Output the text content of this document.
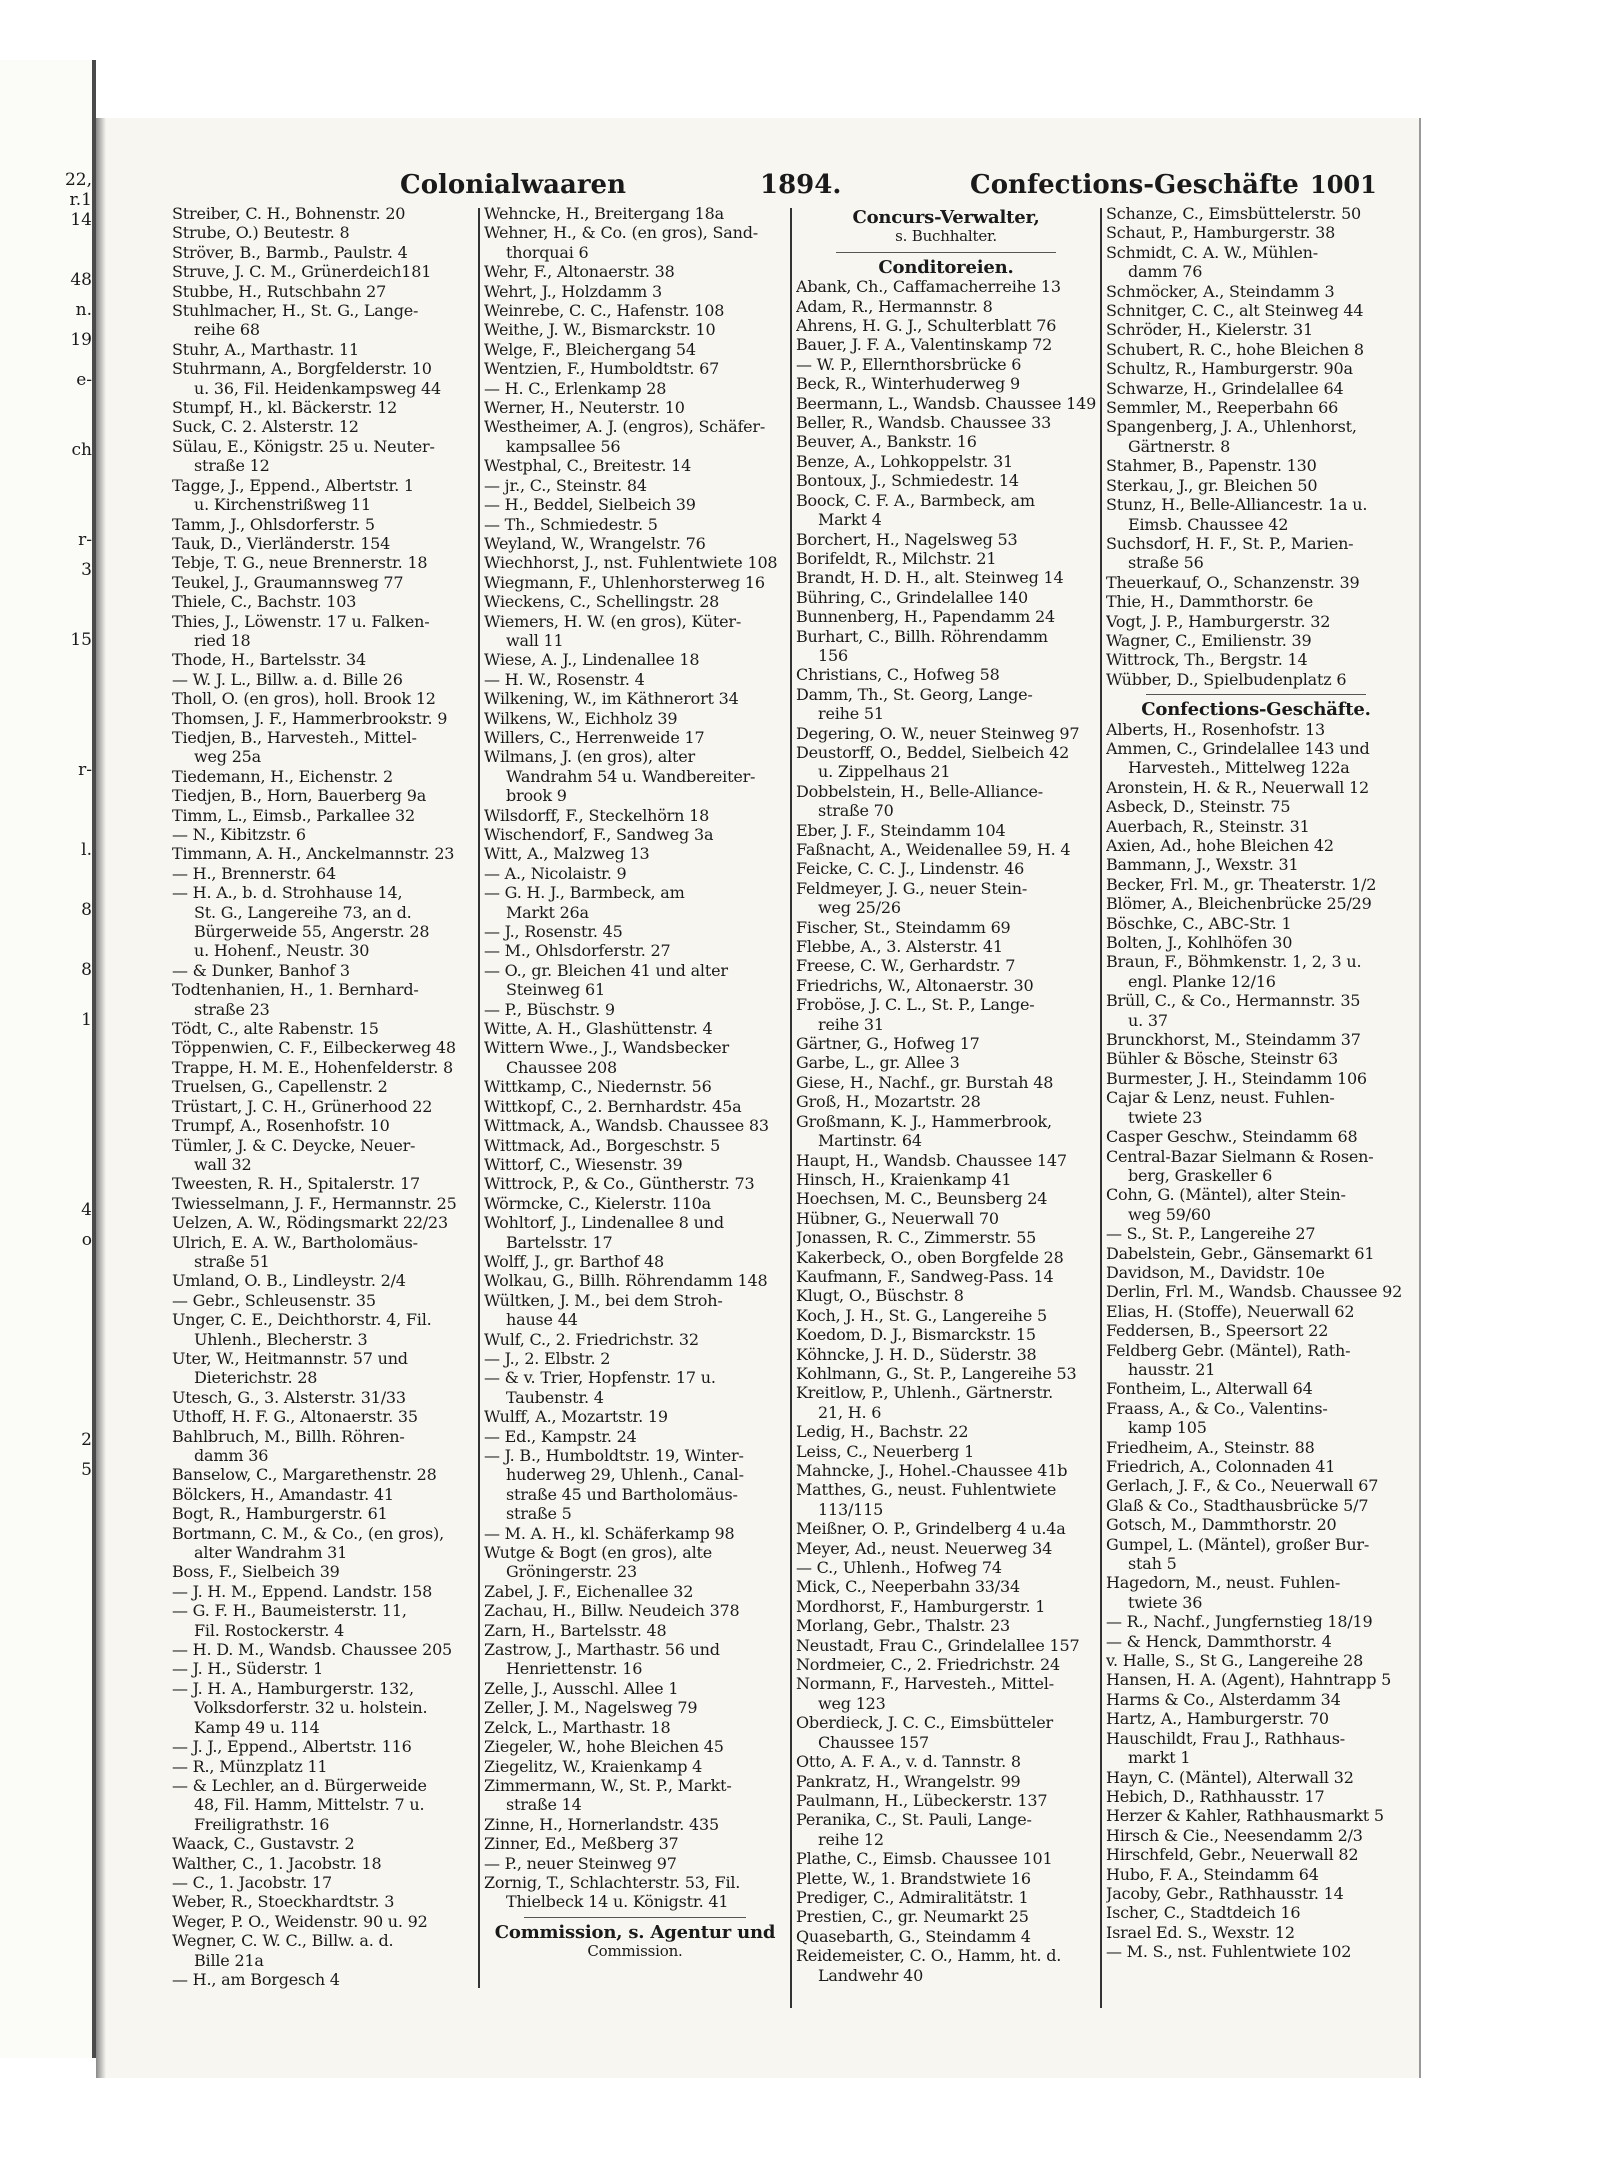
22,
r.1
14
48
n.
19
e-
ch
r-
3
15
r-
l.
8
8
1
4
o
2
5
Colonialwaaren	1894.	Confections-Geschäfte 1001
Streiber, C. H., Bohnenstr. 20
Strube, O.) Beutestr. 8
Ströver, B., Barmb., Paulstr. 4
Struve, J. C. M., Grünerdeich181
Stubbe, H., Rutschbahn 27
Stuhlmacher, H., St. G., Lange-
reihe 68
Stuhr, A., Marthastr. 11
Stuhrmann, A., Borgfelderstr. 10
u. 36, Fil. Heidenkampsweg 44
Stumpf, H., kl. Bäckerstr. 12
Suck, C. 2. Alsterstr. 12
Sülau, E., Königstr. 25 u. Neuter-
straße 12
Tagge, J., Eppend., Albertstr. 1
u. Kirchenstrißweg 11
Tamm, J., Ohlsdorferstr. 5
Tauk, D., Vierländerstr. 154
Tebje, T. G., neue Brennerstr. 18
Teukel, J., Graumannsweg 77
Thiele, C., Bachstr. 103
Thies, J., Löwenstr. 17 u. Falken-
ried 18
Thode, H., Bartelsstr. 34
— W. J. L., Billw. a. d. Bille 26
Tholl, O. (en gros), holl. Brook 12
Thomsen, J. F., Hammerbrookstr. 9
Tiedjen, B., Harvesteh., Mittel-
weg 25a
Tiedemann, H., Eichenstr. 2
Tiedjen, B., Horn, Bauerberg 9a
Timm, L., Eimsb., Parkallee 32
— N., Kibitzstr. 6
Timmann, A. H., Anckelmannstr. 23
— H., Brennerstr. 64
— H. A., b. d. Strohhause 14,
St. G., Langereihe 73, an d.
Bürgerweide 55, Angerstr. 28
u. Hohenf., Neustr. 30
— & Dunker, Banhof 3
Todtenhanien, H., 1. Bernhard-
straße 23
Tödt, C., alte Rabenstr. 15
Töppenwien, C. F., Eilbeckerweg 48
Trappe, H. M. E., Hohenfelderstr. 8
Truelsen, G., Capellenstr. 2
Trüstart, J. C. H., Grünerhood 22
Trumpf, A., Rosenhofstr. 10
Tümler, J. & C. Deycke, Neuer-
wall 32
Tweesten, R. H., Spitalerstr. 17
Twiesselmann, J. F., Hermannstr. 25
Uelzen, A. W., Rödingsmarkt 22/23
Ulrich, E. A. W., Bartholomäus-
straße 51
Umland, O. B., Lindleystr. 2/4
— Gebr., Schleusenstr. 35
Unger, C. E., Deichthorstr. 4, Fil.
Uhlenh., Blecherstr. 3
Uter, W., Heitmannstr. 57 und
Dieterichstr. 28
Utesch, G., 3. Alsterstr. 31/33
Uthoff, H. F. G., Altonaerstr. 35
Bahlbruch, M., Billh. Röhren-
damm 36
Banselow, C., Margarethenstr. 28
Bölckers, H., Amandastr. 41
Bogt, R., Hamburgerstr. 61
Bortmann, C. M., & Co., (en gros),
alter Wandrahm 31
Boss, F., Sielbeich 39
— J. H. M., Eppend. Landstr. 158
— G. F. H., Baumeisterstr. 11,
Fil. Rostockerstr. 4
— H. D. M., Wandsb. Chaussee 205
— J. H., Süderstr. 1
— J. H. A., Hamburgerstr. 132,
Volksdorferstr. 32 u. holstein.
Kamp 49 u. 114
— J. J., Eppend., Albertstr. 116
— R., Münzplatz 11
— & Lechler, an d. Bürgerweide
48, Fil. Hamm, Mittelstr. 7 u.
Freiligrathstr. 16
Waack, C., Gustavstr. 2
Walther, C., 1. Jacobstr. 18
— C., 1. Jacobstr. 17
Weber, R., Stoeckhardtstr. 3
Weger, P. O., Weidenstr. 90 u. 92
Wegner, C. W. C., Billw. a. d.
Bille 21a
— H., am Borgesch 4
Wehncke, H., Breitergang 18a
Wehner, H., & Co. (en gros), Sand-
thorquai 6
Wehr, F., Altonaerstr. 38
Wehrt, J., Holzdamm 3
Weinrebe, C. C., Hafenstr. 108
Weithe, J. W., Bismarckstr. 10
Welge, F., Bleichergang 54
Wentzien, F., Humboldtstr. 67
— H. C., Erlenkamp 28
Werner, H., Neuterstr. 10
Westheimer, A. J. (engros), Schäfer-
kampsallee 56
Westphal, C., Breitestr. 14
— jr., C., Steinstr. 84
— H., Beddel, Sielbeich 39
— Th., Schmiedestr. 5
Weyland, W., Wrangelstr. 76
Wiechhorst, J., nst. Fuhlentwiete 108
Wiegmann, F., Uhlenhorsterweg 16
Wieckens, C., Schellingstr. 28
Wiemers, H. W. (en gros), Küter-
wall 11
Wiese, A. J., Lindenallee 18
— H. W., Rosenstr. 4
Wilkening, W., im Käthnerort 34
Wilkens, W., Eichholz 39
Willers, C., Herrenweide 17
Wilmans, J. (en gros), alter
Wandrahm 54 u. Wandbereiter-
brook 9
Wilsdorff, F., Steckelhörn 18
Wischendorf, F., Sandweg 3a
Witt, A., Malzweg 13
— A., Nicolaistr. 9
— G. H. J., Barmbeck, am
Markt 26a
— J., Rosenstr. 45
— M., Ohlsdorferstr. 27
— O., gr. Bleichen 41 und alter
Steinweg 61
— P., Büschstr. 9
Witte, A. H., Glashüttenstr. 4
Wittern Wwe., J., Wandsbecker
Chaussee 208
Wittkamp, C., Niedernstr. 56
Wittkopf, C., 2. Bernhardstr. 45a
Wittmack, A., Wandsb. Chaussee 83
Wittmack, Ad., Borgeschstr. 5
Wittorf, C., Wiesenstr. 39
Wittrock, P., & Co., Güntherstr. 73
Wörmcke, C., Kielerstr. 110a
Wohltorf, J., Lindenallee 8 und
Bartelsstr. 17
Wolff, J., gr. Barthof 48
Wolkau, G., Billh. Röhrendamm 148
Wültken, J. M., bei dem Stroh-
hause 44
Wulf, C., 2. Friedrichstr. 32
— J., 2. Elbstr. 2
— & v. Trier, Hopfenstr. 17 u.
Taubenstr. 4
Wulff, A., Mozartstr. 19
— Ed., Kampstr. 24
— J. B., Humboldtstr. 19, Winter-
huderweg 29, Uhlenh., Canal-
straße 45 und Bartholomäus-
straße 5
— M. A. H., kl. Schäferkamp 98
Wutge & Bogt (en gros), alte
Gröningerstr. 23
Zabel, J. F., Eichenallee 32
Zachau, H., Billw. Neudeich 378
Zarn, H., Bartelsstr. 48
Zastrow, J., Marthastr. 56 und
Henriettenstr. 16
Zelle, J., Ausschl. Allee 1
Zeller, J. M., Nagelsweg 79
Zelck, L., Marthastr. 18
Ziegeler, W., hohe Bleichen 45
Ziegelitz, W., Kraienkamp 4
Zimmermann, W., St. P., Markt-
straße 14
Zinne, H., Hornerlandstr. 435
Zinner, Ed., Meßberg 37
— P., neuer Steinweg 97
Zornig, T., Schlachterstr. 53, Fil.
Thielbeck 14 u. Königstr. 41
Commission, s. Agentur und
Commission.
Concurs-Verwalter,
s. Buchhalter.
Conditoreien.
Abank, Ch., Caffamacherreihe 13
Adam, R., Hermannstr. 8
Ahrens, H. G. J., Schulterblatt 76
Bauer, J. F. A., Valentinskamp 72
— W. P., Ellernthorsbrücke 6
Beck, R., Winterhuderweg 9
Beermann, L., Wandsb. Chaussee 149
Beller, R., Wandsb. Chaussee 33
Beuver, A., Bankstr. 16
Benze, A., Lohkoppelstr. 31
Bontoux, J., Schmiedestr. 14
Boock, C. F. A., Barmbeck, am
Markt 4
Borchert, H., Nagelsweg 53
Borifeldt, R., Milchstr. 21
Brandt, H. D. H., alt. Steinweg 14
Bühring, C., Grindelallee 140
Bunnenberg, H., Papendamm 24
Burhart, C., Billh. Röhrendamm
156
Christians, C., Hofweg 58
Damm, Th., St. Georg, Lange-
reihe 51
Degering, O. W., neuer Steinweg 97
Deustorff, O., Beddel, Sielbeich 42
u. Zippelhaus 21
Dobbelstein, H., Belle-Alliance-
straße 70
Eber, J. F., Steindamm 104
Faßnacht, A., Weidenallee 59, H. 4
Feicke, C. C. J., Lindenstr. 46
Feldmeyer, J. G., neuer Stein-
weg 25/26
Fischer, St., Steindamm 69
Flebbe, A., 3. Alsterstr. 41
Freese, C. W., Gerhardstr. 7
Friedrichs, W., Altonaerstr. 30
Froböse, J. C. L., St. P., Lange-
reihe 31
Gärtner, G., Hofweg 17
Garbe, L., gr. Allee 3
Giese, H., Nachf., gr. Burstah 48
Groß, H., Mozartstr. 28
Großmann, K. J., Hammerbrook,
Martinstr. 64
Haupt, H., Wandsb. Chaussee 147
Hinsch, H., Kraienkamp 41
Hoechsen, M. C., Beunsberg 24
Hübner, G., Neuerwall 70
Jonassen, R. C., Zimmerstr. 55
Kakerbeck, O., oben Borgfelde 28
Kaufmann, F., Sandweg-Pass. 14
Klugt, O., Büschstr. 8
Koch, J. H., St. G., Langereihe 5
Koedom, D. J., Bismarckstr. 15
Köhncke, J. H. D., Süderstr. 38
Kohlmann, G., St. P., Langereihe 53
Kreitlow, P., Uhlenh., Gärtnerstr.
21, H. 6
Ledig, H., Bachstr. 22
Leiss, C., Neuerberg 1
Mahncke, J., Hohel.-Chaussee 41b
Matthes, G., neust. Fuhlentwiete
113/115
Meißner, O. P., Grindelberg 4 u.4a
Meyer, Ad., neust. Neuerweg 34
— C., Uhlenh., Hofweg 74
Mick, C., Neeperbahn 33/34
Mordhorst, F., Hamburgerstr. 1
Morlang, Gebr., Thalstr. 23
Neustadt, Frau C., Grindelallee 157
Nordmeier, C., 2. Friedrichstr. 24
Normann, F., Harvesteh., Mittel-
weg 123
Oberdieck, J. C. C., Eimsbütteler
Chaussee 157
Otto, A. F. A., v. d. Tannstr. 8
Pankratz, H., Wrangelstr. 99
Paulmann, H., Lübeckerstr. 137
Peranika, C., St. Pauli, Lange-
reihe 12
Plathe, C., Eimsb. Chaussee 101
Plette, W., 1. Brandstwiete 16
Prediger, C., Admiralitätstr. 1
Prestien, C., gr. Neumarkt 25
Quasebarth, G., Steindamm 4
Reidemeister, C. O., Hamm, ht. d.
Landwehr 40
Schanze, C., Eimsbüttelerstr. 50
Schaut, P., Hamburgerstr. 38
Schmidt, C. A. W., Mühlen-
damm 76
Schmöcker, A., Steindamm 3
Schnitger, C. C., alt Steinweg 44
Schröder, H., Kielerstr. 31
Schubert, R. C., hohe Bleichen 8
Schultz, R., Hamburgerstr. 90a
Schwarze, H., Grindelallee 64
Semmler, M., Reeperbahn 66
Spangenberg, J. A., Uhlenhorst,
Gärtnerstr. 8
Stahmer, B., Papenstr. 130
Sterkau, J., gr. Bleichen 50
Stunz, H., Belle-Alliancestr. 1a u.
Eimsb. Chaussee 42
Suchsdorf, H. F., St. P., Marien-
straße 56
Theuerkauf, O., Schanzenstr. 39
Thie, H., Dammthorstr. 6e
Vogt, J. P., Hamburgerstr. 32
Wagner, C., Emilienstr. 39
Wittrock, Th., Bergstr. 14
Wübber, D., Spielbudenplatz 6
Confections-Geschäfte.
Alberts, H., Rosenhofstr. 13
Ammen, C., Grindelallee 143 und
Harvesteh., Mittelweg 122a
Aronstein, H. & R., Neuerwall 12
Asbeck, D., Steinstr. 75
Auerbach, R., Steinstr. 31
Axien, Ad., hohe Bleichen 42
Bammann, J., Wexstr. 31
Becker, Frl. M., gr. Theaterstr. 1/2
Blömer, A., Bleichenbrücke 25/29
Böschke, C., ABC-Str. 1
Bolten, J., Kohlhöfen 30
Braun, F., Böhmkenstr. 1, 2, 3 u.
engl. Planke 12/16
Brüll, C., & Co., Hermannstr. 35
u. 37
Brunckhorst, M., Steindamm 37
Bühler & Bösche, Steinstr 63
Burmester, J. H., Steindamm 106
Cajar & Lenz, neust. Fuhlen-
twiete 23
Casper Geschw., Steindamm 68
Central-Bazar Sielmann & Rosen-
berg, Graskeller 6
Cohn, G. (Mäntel), alter Stein-
weg 59/60
— S., St. P., Langereihe 27
Dabelstein, Gebr., Gänsemarkt 61
Davidson, M., Davidstr. 10e
Derlin, Frl. M., Wandsb. Chaussee 92
Elias, H. (Stoffe), Neuerwall 62
Feddersen, B., Speersort 22
Feldberg Gebr. (Mäntel), Rath-
hausstr. 21
Fontheim, L., Alterwall 64
Fraass, A., & Co., Valentins-
kamp 105
Friedheim, A., Steinstr. 88
Friedrich, A., Colonnaden 41
Gerlach, J. F., & Co., Neuerwall 67
Glaß & Co., Stadthausbrücke 5/7
Gotsch, M., Dammthorstr. 20
Gumpel, L. (Mäntel), großer Bur-
stah 5
Hagedorn, M., neust. Fuhlen-
twiete 36
— R., Nachf., Jungfernstieg 18/19
— & Henck, Dammthorstr. 4
v. Halle, S., St G., Langereihe 28
Hansen, H. A. (Agent), Hahntrapp 5
Harms & Co., Alsterdamm 34
Hartz, A., Hamburgerstr. 70
Hauschildt, Frau J., Rathhaus-
markt 1
Hayn, C. (Mäntel), Alterwall 32
Hebich, D., Rathhausstr. 17
Herzer & Kahler, Rathhausmarkt 5
Hirsch & Cie., Neesendamm 2/3
Hirschfeld, Gebr., Neuerwall 82
Hubo, F. A., Steindamm 64
Jacoby, Gebr., Rathhausstr. 14
Ischer, C., Stadtdeich 16
Israel Ed. S., Wexstr. 12
— M. S., nst. Fuhlentwiete 102
